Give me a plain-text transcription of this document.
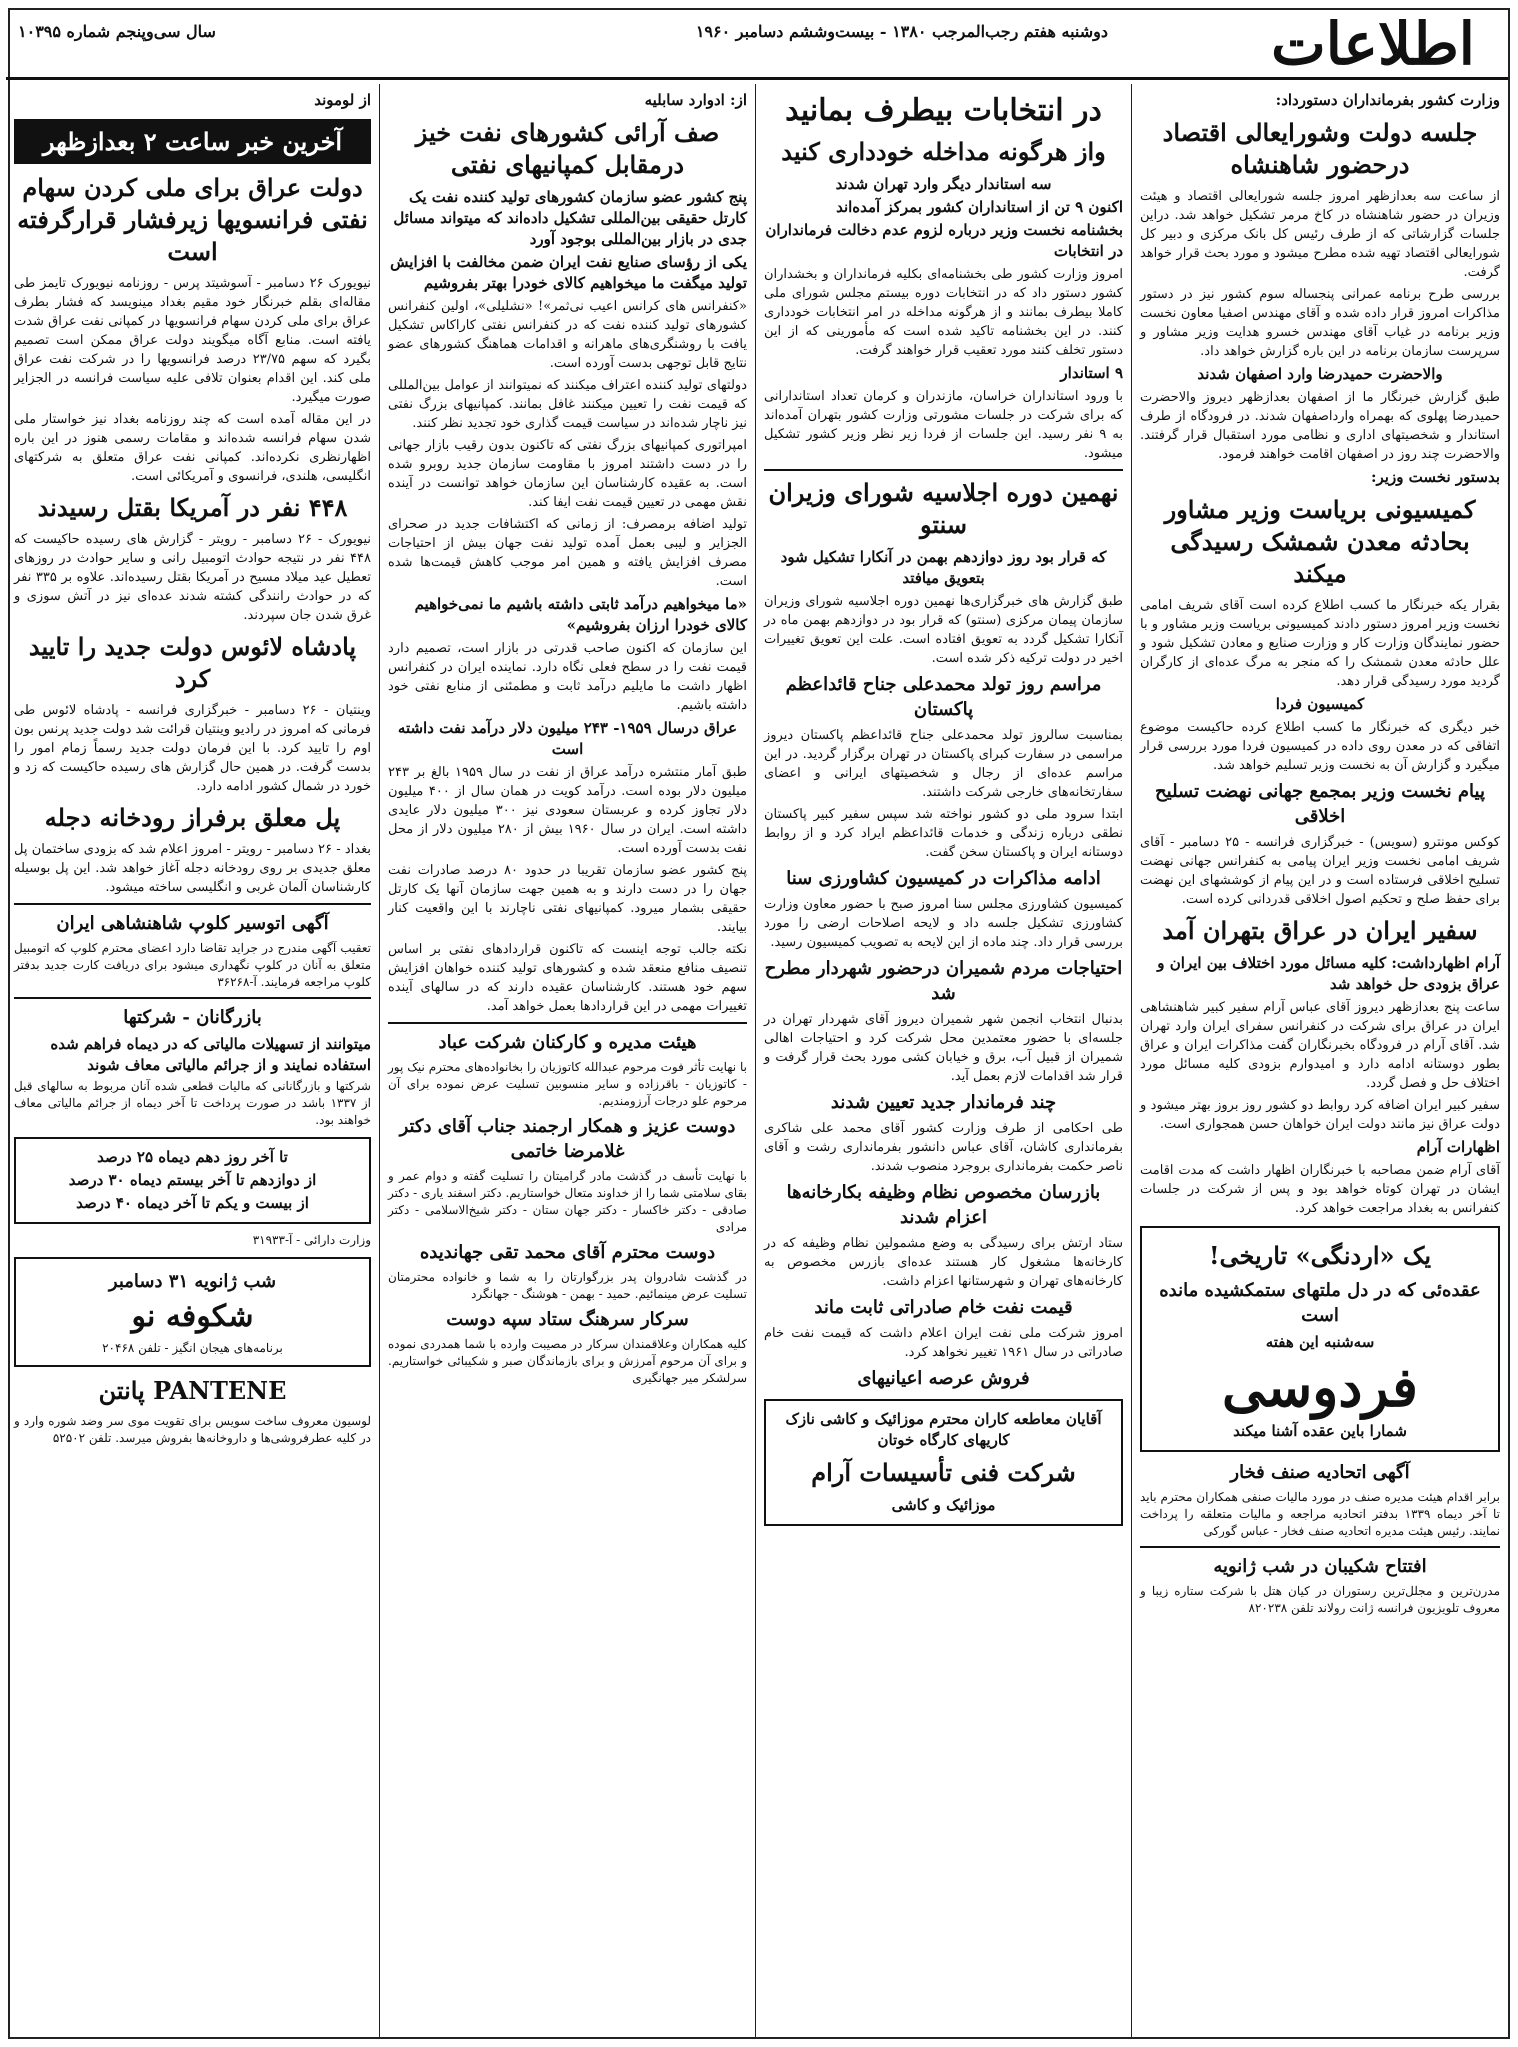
اطلاعات
دوشنبه هفتم رجب‌المرجب ۱۳۸۰ - بیست‌وششم دسامبر ۱۹۶۰
سال سی‌وپنجم شماره ۱۰۳۹۵
وزارت کشور بفرمانداران دستورداد:
جلسه دولت وشورایعالی اقتصاد درحضور شاهنشاه
از ساعت سه بعدازظهر امروز جلسه شورایعالی اقتصاد و هیئت وزیران در حضور شاهنشاه در کاخ مرمر تشکیل خواهد شد. دراین جلسات گزارشاتی که از طرف رئیس کل بانک مرکزی و دبیر کل شورایعالی اقتصاد تهیه شده مطرح میشود و مورد بحث قرار خواهد گرفت.
بررسی طرح برنامه عمرانی پنجساله سوم کشور نیز در دستور مذاکرات امروز قرار داده شده و آقای مهندس اصفیا معاون نخست وزیر برنامه در غیاب آقای مهندس خسرو هدایت وزیر مشاور و سرپرست سازمان برنامه در این باره گزارش خواهد داد.
والاحضرت حمیدرضا وارد اصفهان شدند
طبق گزارش خبرنگار ما از اصفهان بعدازظهر دیروز والاحضرت حمیدرضا پهلوی که بهمراه وارداصفهان شدند. در فرودگاه از طرف استاندار و شخصیتهای اداری و نظامی مورد استقبال قرار گرفتند. والاحضرت چند روز در اصفهان اقامت خواهند فرمود.
بدستور نخست وزیر:
کمیسیونی بریاست وزیر مشاور بحادثه معدن شمشک رسیدگی میکند
بقرار یکه خبرنگار ما کسب اطلاع کرده است آقای شریف امامی نخست وزیر امروز دستور دادند کمیسیونی بریاست وزیر مشاور و با حضور نمایندگان وزارت کار و وزارت صنایع و معادن تشکیل شود و علل حادثه معدن شمشک را که منجر به مرگ عده‌ای از کارگران گردید مورد رسیدگی قرار دهد.
کمیسیون فردا
خبر دیگری که خبرنگار ما کسب اطلاع کرده حاکیست موضوع اتفاقی که در معدن روی داده در کمیسیون فردا مورد بررسی قرار میگیرد و گزارش آن به نخست وزیر تسلیم خواهد شد.
پیام نخست وزیر بمجمع جهانی نهضت تسلیح اخلاقی
کوکس مونترو (سویس) - خبرگزاری فرانسه - ۲۵ دسامبر - آقای شریف امامی نخست وزیر ایران پیامی به کنفرانس جهانی نهضت تسلیح اخلاقی فرستاده است و در این پیام از کوششهای این نهضت برای حفظ صلح و تحکیم اصول اخلاقی قدردانی کرده است.
سفیر ایران در عراق بتهران آمد
آرام اظهارداشت: کلیه مسائل مورد اختلاف بین ایران و عراق بزودی حل خواهد شد
ساعت پنج بعدازظهر دیروز آقای عباس آرام سفیر کبیر شاهنشاهی ایران در عراق برای شرکت در کنفرانس سفرای ایران وارد تهران شد. آقای آرام در فرودگاه بخبرنگاران گفت مذاکرات ایران و عراق بطور دوستانه ادامه دارد و امیدوارم بزودی کلیه مسائل مورد اختلاف حل و فصل گردد.
سفیر کبیر ایران اضافه کرد روابط دو کشور روز بروز بهتر میشود و دولت عراق نیز مانند دولت ایران خواهان حسن همجواری است.
اظهارات آرام
آقای آرام ضمن مصاحبه با خبرنگاران اظهار داشت که مدت اقامت ایشان در تهران کوتاه خواهد بود و پس از شرکت در جلسات کنفرانس به بغداد مراجعت خواهد کرد.
یک «اردنگی» تاریخی!
عقده‌ئی که در دل ملتهای ستمکشیده مانده است
سه‌شنبه این هفته
فردوسی
شمارا باین عقده آشنا میکند
آگهی اتحادیه صنف فخار
برابر اقدام هیئت مدیره صنف در مورد مالیات صنفی همکاران محترم باید تا آخر دیماه ۱۳۳۹ بدفتر اتحادیه مراجعه و مالیات متعلقه را پرداخت نمایند. رئیس هیئت مدیره اتحادیه صنف فخار - عباس گورکی
افتتاح شکیبان در شب ژانویه
مدرن‌ترین و مجلل‌ترین رستوران در کیان هتل با شرکت ستاره زیبا و معروف تلویزیون فرانسه ژانت رولاند تلفن ۸۲۰۲۳۸
در انتخابات بیطرف بمانید
واز هرگونه مداخله خودداری کنید
سه استاندار دیگر وارد تهران شدند
اکنون ۹ تن از استانداران کشور بمرکز آمده‌اند
بخشنامه نخست وزیر درباره لزوم عدم دخالت فرمانداران در انتخابات
امروز وزارت کشور طی بخشنامه‌ای بکلیه فرمانداران و بخشداران کشور دستور داد که در انتخابات دوره بیستم مجلس شورای ملی کاملا بیطرف بمانند و از هرگونه مداخله در امر انتخابات خودداری کنند. در این بخشنامه تاکید شده است که مأمورینی که از این دستور تخلف کنند مورد تعقیب قرار خواهند گرفت.
۹ استاندار
با ورود استانداران خراسان، مازندران و کرمان تعداد استاندارانی که برای شرکت در جلسات مشورتی وزارت کشور بتهران آمده‌اند به ۹ نفر رسید. این جلسات از فردا زیر نظر وزیر کشور تشکیل میشود.
نهمین دوره اجلاسیه شورای وزیران سنتو
که قرار بود روز دوازدهم بهمن در آنکارا تشکیل شود بتعویق میافتد
طبق گزارش های خبرگزاری‌ها نهمین دوره اجلاسیه شورای وزیران سازمان پیمان مرکزی (سنتو) که قرار بود در دوازدهم بهمن ماه در آنکارا تشکیل گردد به تعویق افتاده است. علت این تعویق تغییرات اخیر در دولت ترکیه ذکر شده است.
مراسم روز تولد محمدعلی جناح قائداعظم پاکستان
بمناسبت سالروز تولد محمدعلی جناح قائداعظم پاکستان دیروز مراسمی در سفارت کبرای پاکستان در تهران برگزار گردید. در این مراسم عده‌ای از رجال و شخصیتهای ایرانی و اعضای سفارتخانه‌های خارجی شرکت داشتند.
ابتدا سرود ملی دو کشور نواخته شد سپس سفیر کبیر پاکستان نطقی درباره زندگی و خدمات قائداعظم ایراد کرد و از روابط دوستانه ایران و پاکستان سخن گفت.
ادامه مذاکرات در کمیسیون کشاورزی سنا
کمیسیون کشاورزی مجلس سنا امروز صبح با حضور معاون وزارت کشاورزی تشکیل جلسه داد و لایحه اصلاحات ارضی را مورد بررسی قرار داد. چند ماده از این لایحه به تصویب کمیسیون رسید.
احتیاجات مردم شمیران درحضور شهردار مطرح شد
بدنبال انتخاب انجمن شهر شمیران دیروز آقای شهردار تهران در جلسه‌ای با حضور معتمدین محل شرکت کرد و احتیاجات اهالی شمیران از قبیل آب، برق و خیابان کشی مورد بحث قرار گرفت و قرار شد اقدامات لازم بعمل آید.
چند فرماندار جدید تعیین شدند
طی احکامی از طرف وزارت کشور آقای محمد علی شاکری بفرمانداری کاشان، آقای عباس دانشور بفرمانداری رشت و آقای ناصر حکمت بفرمانداری بروجرد منصوب شدند.
بازرسان مخصوص نظام وظیفه بکارخانه‌ها اعزام شدند
ستاد ارتش برای رسیدگی به وضع مشمولین نظام وظیفه که در کارخانه‌ها مشغول کار هستند عده‌ای بازرس مخصوص به کارخانه‌های تهران و شهرستانها اعزام داشت.
قیمت نفت خام صادراتی ثابت ماند
امروز شرکت ملی نفت ایران اعلام داشت که قیمت نفت خام صادراتی در سال ۱۹۶۱ تغییر نخواهد کرد.
فروش عرصه اعیانیهای
آقایان معاطعه کاران محترم موزائیک و کاشی نازک کاریهای کارگاه خوتان
شرکت فنی تأسیسات آرام
موزائیک و کاشی
از: ادوارد سابلیه
صف آرائی کشورهای نفت خیز درمقابل کمپانیهای نفتی
پنج کشور عضو سازمان کشورهای تولید کننده نفت یک کارتل حقیقی بین‌المللی تشکیل داده‌اند که میتواند مسائل جدی در بازار بین‌المللی بوجود آورد
یکی از رؤسای صنایع نفت ایران ضمن مخالفت با افزایش تولید میگفت ما میخواهیم کالای خودرا بهتر بفروشیم
«کنفرانس های کرانس اعیب نی‌ثمر»! «نشلیلی»، اولین کنفرانس کشورهای تولید کننده نفت که در کنفرانس نفتی کاراکاس تشکیل یافت با روشنگری‌های ماهرانه و اقدامات هماهنگ کشورهای عضو نتایج قابل توجهی بدست آورده است.
دولتهای تولید کننده اعتراف میکنند که نمیتوانند از عوامل بین‌المللی که قیمت نفت را تعیین میکنند غافل بمانند. کمپانیهای بزرگ نفتی نیز ناچار شده‌اند در سیاست قیمت گذاری خود تجدید نظر کنند.
امپراتوری کمپانیهای بزرگ نفتی که تاکنون بدون رقیب بازار جهانی را در دست داشتند امروز با مقاومت سازمان جدید روبرو شده است. به عقیده کارشناسان این سازمان خواهد توانست در آینده نقش مهمی در تعیین قیمت نفت ایفا کند.
تولید اضافه برمصرف: از زمانی که اکتشافات جدید در صحرای الجزایر و لیبی بعمل آمده تولید نفت جهان بیش از احتیاجات مصرف افزایش یافته و همین امر موجب کاهش قیمت‌ها شده است.
«ما میخواهیم درآمد ثابتی داشته باشیم ما نمی‌خواهیم کالای خودرا ارزان بفروشیم»
این سازمان که اکنون صاحب قدرتی در بازار است، تصمیم دارد قیمت نفت را در سطح فعلی نگاه دارد. نماینده ایران در کنفرانس اظهار داشت ما مایلیم درآمد ثابت و مطمئنی از منابع نفتی خود داشته باشیم.
عراق درسال ۱۹۵۹- ۲۴۳ میلیون دلار درآمد نفت داشته است
طبق آمار منتشره درآمد عراق از نفت در سال ۱۹۵۹ بالغ بر ۲۴۳ میلیون دلار بوده است. درآمد کویت در همان سال از ۴۰۰ میلیون دلار تجاوز کرده و عربستان سعودی نیز ۳۰۰ میلیون دلار عایدی داشته است. ایران در سال ۱۹۶۰ بیش از ۲۸۰ میلیون دلار از محل نفت بدست آورده است.
پنج کشور عضو سازمان تقریبا در حدود ۸۰ درصد صادرات نفت جهان را در دست دارند و به همین جهت سازمان آنها یک کارتل حقیقی بشمار میرود. کمپانیهای نفتی ناچارند با این واقعیت کنار بیایند.
نکته جالب توجه اینست که تاکنون قراردادهای نفتی بر اساس تنصیف منافع منعقد شده و کشورهای تولید کننده خواهان افزایش سهم خود هستند. کارشناسان عقیده دارند که در سالهای آینده تغییرات مهمی در این قراردادها بعمل خواهد آمد.
هیئت مدیره و کارکنان شرکت عباد
با نهایت تأثر فوت مرحوم عبدالله کاتوزیان را بخانواده‌های محترم نیک پور - کاتوزیان - باقرزاده و سایر منسوبین تسلیت عرض نموده برای آن مرحوم علو درجات آرزومندیم.
دوست عزیز و همکار ارجمند جناب آقای دکتر غلامرضا خاتمی
با نهایت تأسف در گذشت مادر گرامیتان را تسلیت گفته و دوام عمر و بقای سلامتی شما را از خداوند متعال خواستاریم. دکتر اسفند یاری - دکتر صادقی - دکتر خاکسار - دکتر جهان ستان - دکتر شیخ‌الاسلامی - دکتر مرادی
دوست محترم آقای محمد تقی جهاندیده
در گذشت شادروان پدر بزرگوارتان را به شما و خانواده محترمتان تسلیت عرض مینمائیم. حمید - بهمن - هوشنگ - جهانگرد
سرکار سرهنگ ستاد سپه دوست
کلیه همکاران وعلاقمندان سرکار در مصیبت وارده با شما همدردی نموده و برای آن مرحوم آمرزش و برای بازماندگان صبر و شکیبائی خواستاریم. سرلشکر میر جهانگیری
از لوموند
آخرین خبر ساعت ۲ بعدازظهر
دولت عراق برای ملی کردن سهام نفتی فرانسویها زیرفشار قرارگرفته است
نیویورک ۲۶ دسامبر - آسوشیتد پرس - روزنامه نیویورک تایمز طی مقاله‌ای بقلم خبرنگار خود مقیم بغداد مینویسد که فشار بطرف عراق برای ملی کردن سهام فرانسویها در کمپانی نفت عراق شدت یافته است. منابع آگاه میگویند دولت عراق ممکن است تصمیم بگیرد که سهم ۲۳/۷۵ درصد فرانسویها را در شرکت نفت عراق ملی کند. این اقدام بعنوان تلافی علیه سیاست فرانسه در الجزایر صورت میگیرد.
در این مقاله آمده است که چند روزنامه بغداد نیز خواستار ملی شدن سهام فرانسه شده‌اند و مقامات رسمی هنوز در این باره اظهارنظری نکرده‌اند. کمپانی نفت عراق متعلق به شرکتهای انگلیسی، هلندی، فرانسوی و آمریکائی است.
۴۴۸ نفر در آمریکا بقتل رسیدند
نیویورک - ۲۶ دسامبر - رویتر - گزارش های رسیده حاکیست که ۴۴۸ نفر در نتیجه حوادث اتومبیل رانی و سایر حوادث در روزهای تعطیل عید میلاد مسیح در آمریکا بقتل رسیده‌اند. علاوه بر ۳۳۵ نفر که در حوادث رانندگی کشته شدند عده‌ای نیز در آتش سوزی و غرق شدن جان سپردند.
پادشاه لائوس دولت جدید را تایید کرد
وینتیان - ۲۶ دسامبر - خبرگزاری فرانسه - پادشاه لائوس طی فرمانی که امروز در رادیو وینتیان قرائت شد دولت جدید پرنس بون اوم را تایید کرد. با این فرمان دولت جدید رسماً زمام امور را بدست گرفت. در همین حال گزارش های رسیده حاکیست که زد و خورد در شمال کشور ادامه دارد.
پل معلق برفراز رودخانه دجله
بغداد - ۲۶ دسامبر - رویتر - امروز اعلام شد که بزودی ساختمان پل معلق جدیدی بر روی رودخانه دجله آغاز خواهد شد. این پل بوسیله کارشناسان آلمان غربی و انگلیسی ساخته میشود.
آگهی اتوسیر کلوپ شاهنشاهی ایران
تعقیب آگهی مندرج در جراید تقاضا دارد اعضای محترم کلوپ که اتومبیل متعلق به آنان در کلوپ نگهداری میشود برای دریافت کارت جدید بدفتر کلوپ مراجعه فرمایند. آ-۳۶۲۶۸
بازرگانان - شرکتها
میتوانند از تسهیلات مالیاتی که در دیماه فراهم شده استفاده نمایند و از جرائم مالیاتی معاف شوند
شرکتها و بازرگانانی که مالیات قطعی شده آنان مربوط به سالهای قبل از ۱۳۳۷ باشد در صورت پرداخت تا آخر دیماه از جرائم مالیاتی معاف خواهند بود.
تا آخر روز دهم دیماه ۲۵ درصد
از دوازدهم تا آخر بیستم دیماه ۳۰ درصد
از بیست و یکم تا آخر دیماه ۴۰ درصد
وزارت دارائی - آ-۳۱۹۳۳
شب ژانویه ۳۱ دسامبر
شکوفه نو
برنامه‌های هیجان انگیز - تلفن ۲۰۴۶۸
PANTENE پانتن
لوسیون معروف ساخت سویس برای تقویت موی سر وضد شوره وارد و در کلیه عطرفروشی‌ها و داروخانه‌ها بفروش میرسد. تلفن ۵۲۵۰۲
